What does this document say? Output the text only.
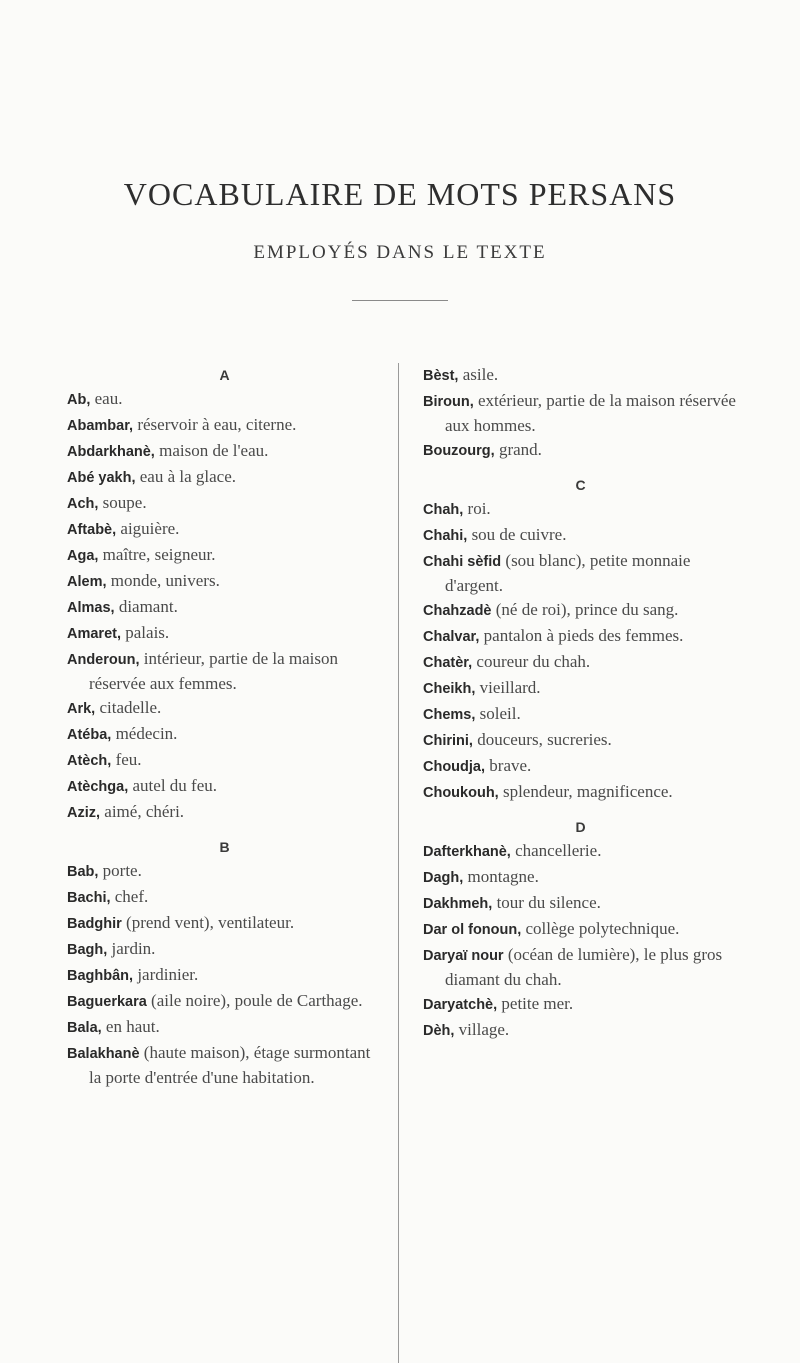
VOCABULAIRE DE MOTS PERSANS
EMPLOYÉS DANS LE TEXTE
A
Ab, eau.
Abambar, réservoir à eau, citerne.
Abdarkhanè, maison de l'eau.
Abé yakh, eau à la glace.
Ach, soupe.
Aftabè, aiguière.
Aga, maître, seigneur.
Alem, monde, univers.
Almas, diamant.
Amaret, palais.
Anderoun, intérieur, partie de la maison réservée aux femmes.
Ark, citadelle.
Atéba, médecin.
Atèch, feu.
Atèchga, autel du feu.
Aziz, aimé, chéri.
B
Bab, porte.
Bachi, chef.
Badghir (prend vent), ventilateur.
Bagh, jardin.
Baghbân, jardinier.
Baguerkara (aile noire), poule de Carthage.
Bala, en haut.
Balakhanè (haute maison), étage surmontant la porte d'entrée d'une habitation.
Bèst, asile.
Biroun, extérieur, partie de la maison réservée aux hommes.
Bouzourg, grand.
C
Chah, roi.
Chahi, sou de cuivre.
Chahi sèfid (sou blanc), petite monnaie d'argent.
Chahzadè (né de roi), prince du sang.
Chalvar, pantalon à pieds des femmes.
Chatèr, coureur du chah.
Cheikh, vieillard.
Chems, soleil.
Chirini, douceurs, sucreries.
Choudja, brave.
Choukouh, splendeur, magnificence.
D
Dafterkhanè, chancellerie.
Dagh, montagne.
Dakhmeh, tour du silence.
Dar ol fonoun, collège polytechnique.
Daryaï nour (océan de lumière), le plus gros diamant du chah.
Daryatchè, petite mer.
Dèh, village.
